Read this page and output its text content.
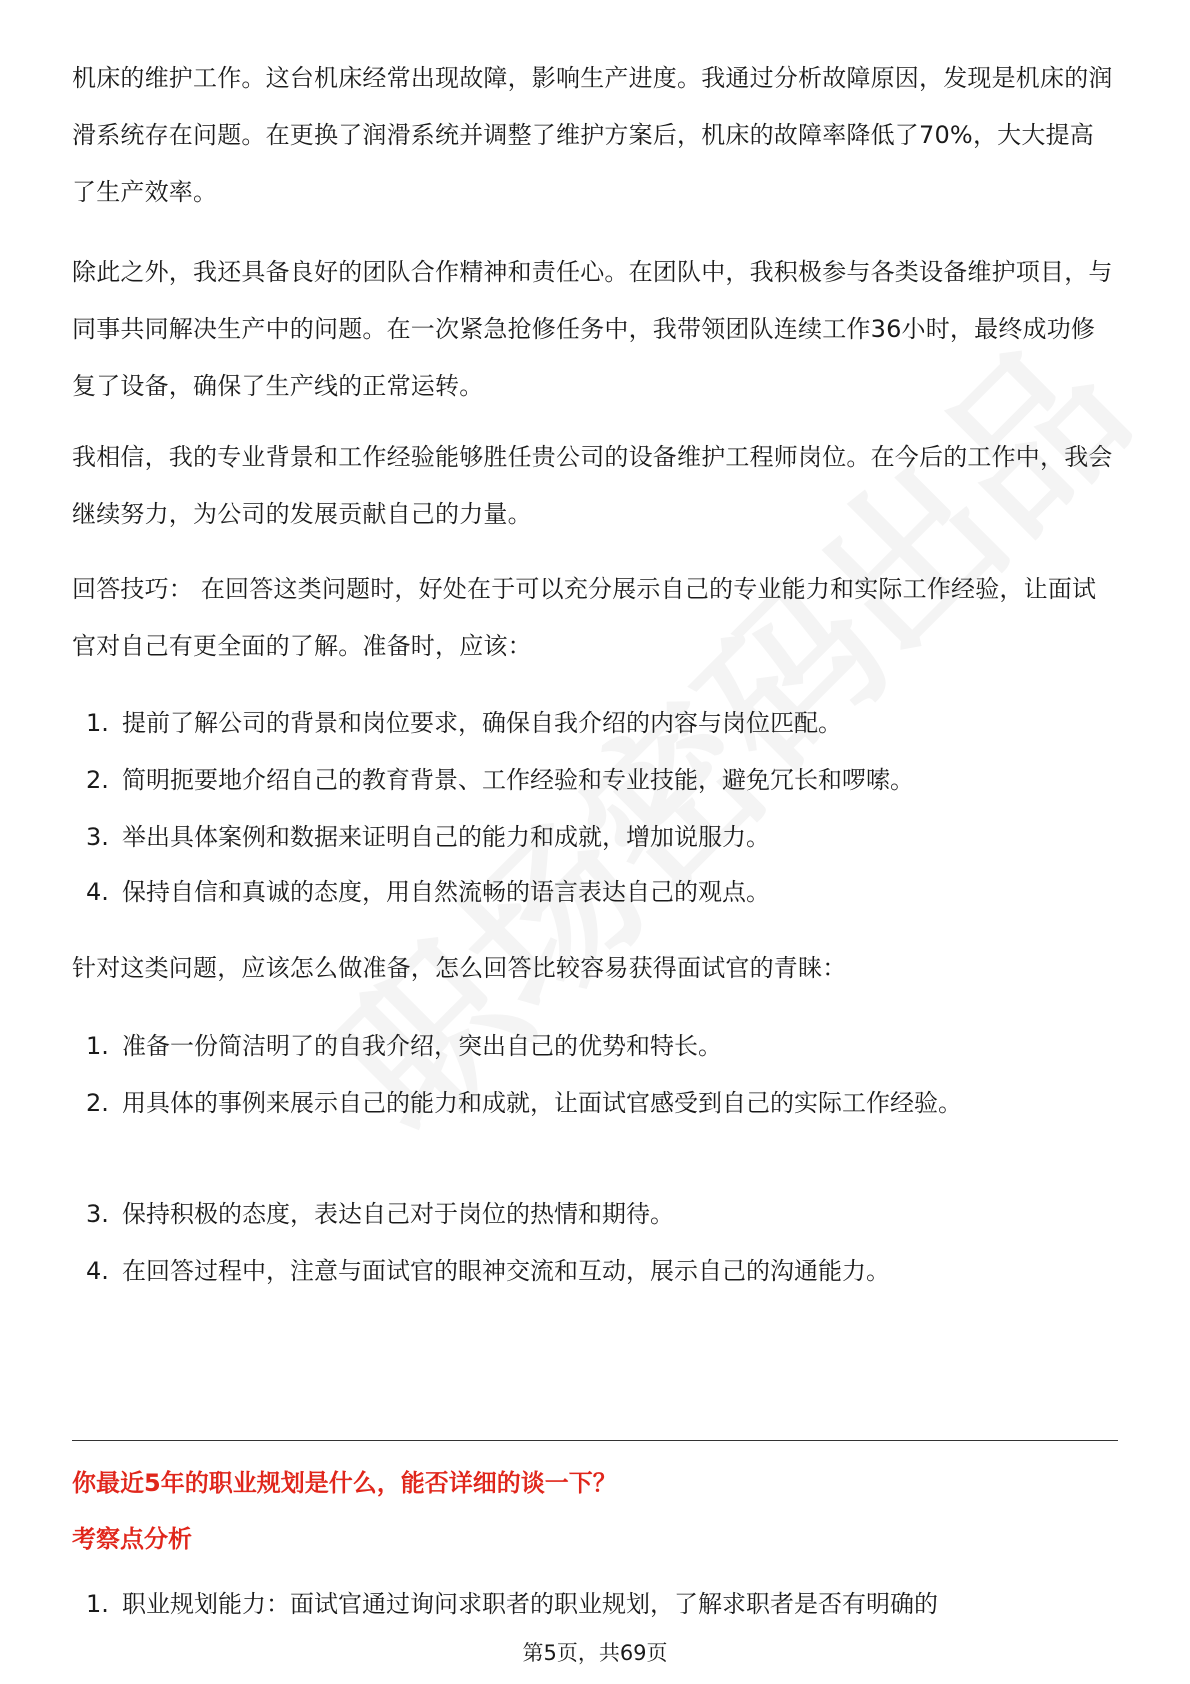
机床的维护工作。这台机床经常出现故障，影响生产进度。我通过分析故障原因，发现是机床的润滑系统存在问题。在更换了润滑系统并调整了维护方案后，机床的故障率降低了70%，大大提高了生产效率。

除此之外，我还具备良好的团队合作精神和责任心。在团队中，我积极参与各类设备维护项目，与同事共同解决生产中的问题。在一次紧急抢修任务中，我带领团队连续工作36小时，最终成功修复了设备，确保了生产线的正常运转。

我相信，我的专业背景和工作经验能够胜任贵公司的设备维护工程师岗位。在今后的工作中，我会继续努力，为公司的发展贡献自己的力量。

回答技巧： 在回答这类问题时，好处在于可以充分展示自己的专业能力和实际工作经验，让面试官对自己有更全面的了解。准备时，应该：

1. 提前了解公司的背景和岗位要求，确保自我介绍的内容与岗位匹配。
2. 简明扼要地介绍自己的教育背景、工作经验和专业技能，避免冗长和啰嗦。
3. 举出具体案例和数据来证明自己的能力和成就，增加说服力。
4. 保持自信和真诚的态度，用自然流畅的语言表达自己的观点。

针对这类问题，应该怎么做准备，怎么回答比较容易获得面试官的青睐：

1. 准备一份简洁明了的自我介绍，突出自己的优势和特长。
2. 用具体的事例来展示自己的能力和成就，让面试官感受到自己的实际工作经验。
3. 保持积极的态度，表达自己对于岗位的热情和期待。
4. 在回答过程中，注意与面试官的眼神交流和互动，展示自己的沟通能力。
你最近5年的职业规划是什么，能否详细的谈一下？
考察点分析
1. 职业规划能力：面试官通过询问求职者的职业规划，了解求职者是否有明确的
第5页，共69页
